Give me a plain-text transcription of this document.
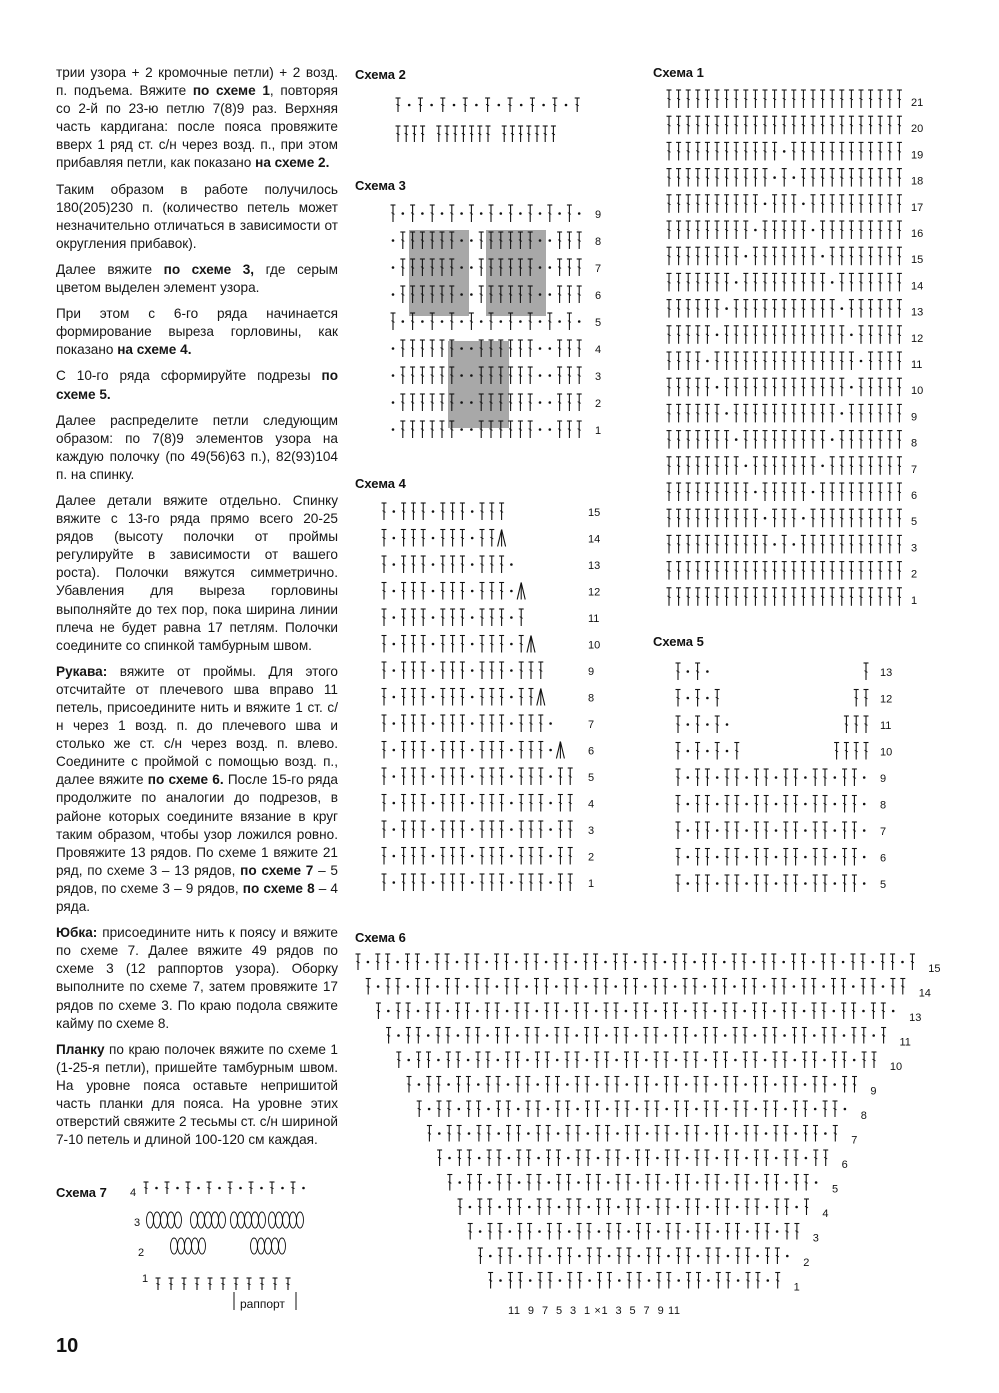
трии узора + 2 кромочные петли) + 2 возд. п. подъема. Вяжите по схеме 1, повторяя со 2-й по 23-ю петлю 7(8)9 раз. Верхняя часть кардигана: после пояса провяжите вверх 1 ряд ст. с/н через возд. п., при этом прибавляя петли, как показано на схеме 2.

Таким образом в работе получилось 180(205)230 п. (количество петель может незначительно отличаться в зависимости от округления прибавок).

Далее вяжите по схеме 3, где серым цветом выделен элемент узора.

При этом с 6-го ряда начинается формирование выреза горловины, как показано на схеме 4.

С 10-го ряда сформируйте подрезы по схеме 5.

Далее распределите петли следующим образом: по 7(8)9 элементов узора на каждую полочку (по 49(56)63 п.), 82(93)104 п. на спинку.

Далее детали вяжите отдельно. Спинку вяжите с 13-го ряда прямо всего 20-25 рядов (высоту полочки от проймы регулируйте в зависимости от вашего роста). Полочки вяжутся симметрично. Убавления для выреза горловины выполняйте до тех пор, пока ширина линии плеча не будет равна 17 петлям. Полочки соедините со спинкой тамбурным швом.

Рукава: вяжите от проймы. Для этого отсчитайте от плечевого шва вправо 11 петель, присоедините нить и вяжите 1 ст. с/н через 1 возд. п. до плечевого шва и столько же ст. с/н через возд. п. влево. Соедините с проймой с помощью возд. п., далее вяжите по схеме 6. После 15-го ряда продолжите по аналогии до подрезов, в районе которых соедините вязание в круг таким образом, чтобы узор ложился ровно. Провяжите 13 рядов. По схеме 1 вяжите 21 ряд, по схеме 3 – 13 рядов, по схеме 7 – 5 рядов, по схеме 3 – 9 рядов, по схеме 8 – 4 ряда.

Юбка: присоедините нить к поясу и вяжите по схеме 7. Далее вяжите 49 рядов по схеме 3 (12 раппортов узора). Оборку выполните по схеме 7, затем провяжите 17 рядов по схеме 3. По краю подола свяжите кайму по схеме 8.

Планку по краю полочек вяжите по схеме 1 (1-25-я петли), пришейте тамбурным швом. На уровне пояса оставьте непришитой часть планки для пояса. На уровне этих отверстий свяжите 2 тесьмы ст. с/н шириной 7-10 петель и длиной 100-120 см каждая.

Схема 2
Схема 3
Схема 4
Схема 1
Схема 5
Схема 6
Схема 7
9
8
7
6
5
4
3
2
1
15
14
13
12
11
10
9
8
7
6
5
4
3
2
1
21
20
19
18
17
16
15
14
13
12
11
10
9
8
7
6
5
3
2
1
13
12
11
10
9
8
7
6
5
15
14
13
11
10
9
8
7
6
5
4
3
2
1
11  9  7  5  3  1 ×1  3  5  7  9 11
4
3
2
1
раппорт
10
